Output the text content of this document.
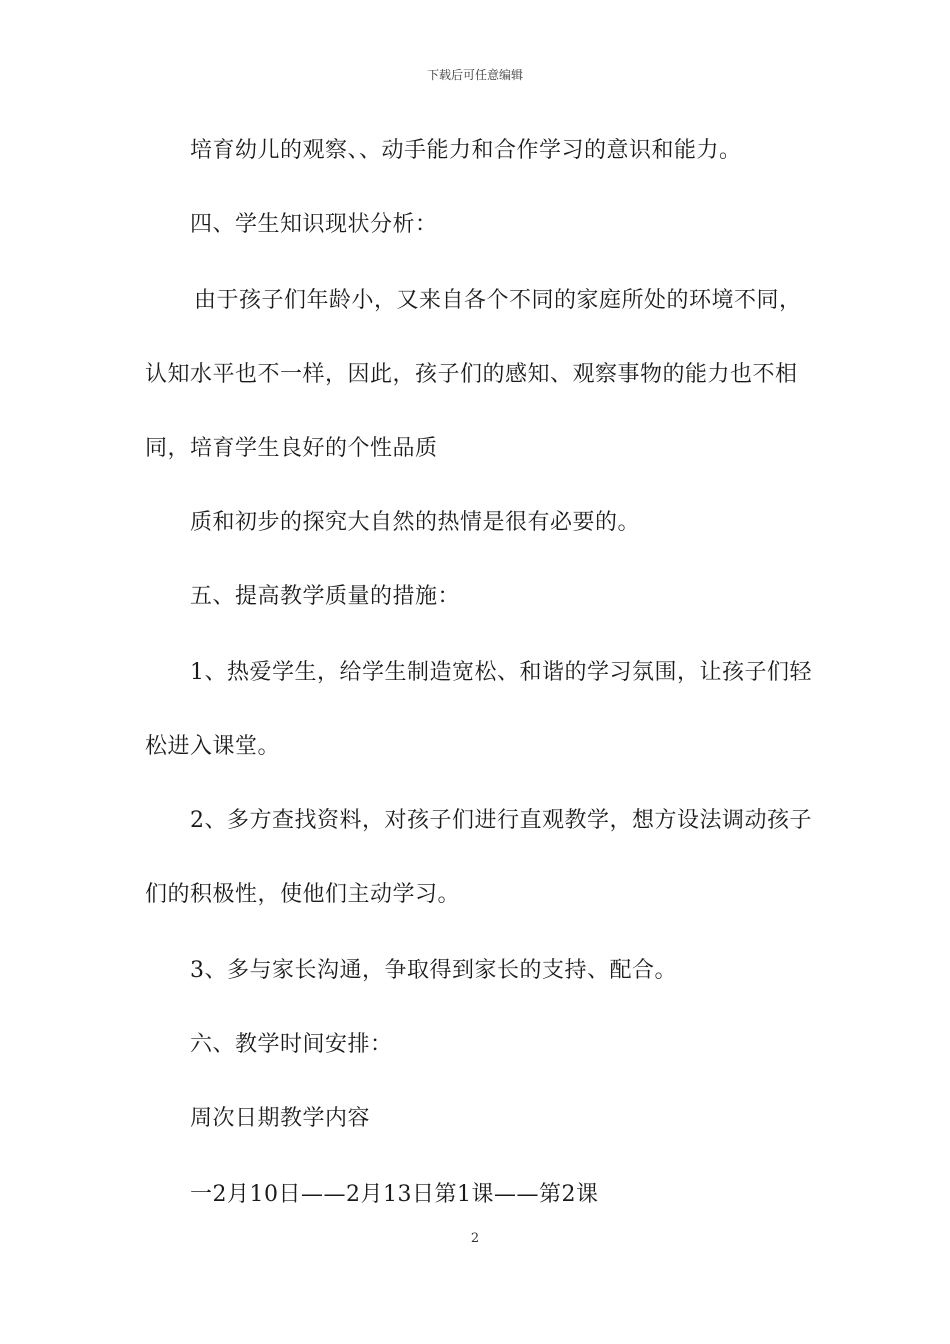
下载后可任意编辑
培育幼儿的观察、、动手能力和合作学习的意识和能力。
四、学生知识现状分析：
由于孩子们年龄小，又来自各个不同的家庭所处的环境不同，
认知水平也不一样，因此，孩子们的感知、观察事物的能力也不相
同，培育学生良好的个性品质
质和初步的探究大自然的热情是很有必要的。
五、提高教学质量的措施：
1、热爱学生，给学生制造宽松、和谐的学习氛围，让孩子们轻
松进入课堂。
2、多方查找资料，对孩子们进行直观教学，想方设法调动孩子
们的积极性，使他们主动学习。
3、多与家长沟通，争取得到家长的支持、配合。
六、教学时间安排：
周次日期教学内容
一2月10日——2月13日第1课——第2课
2
